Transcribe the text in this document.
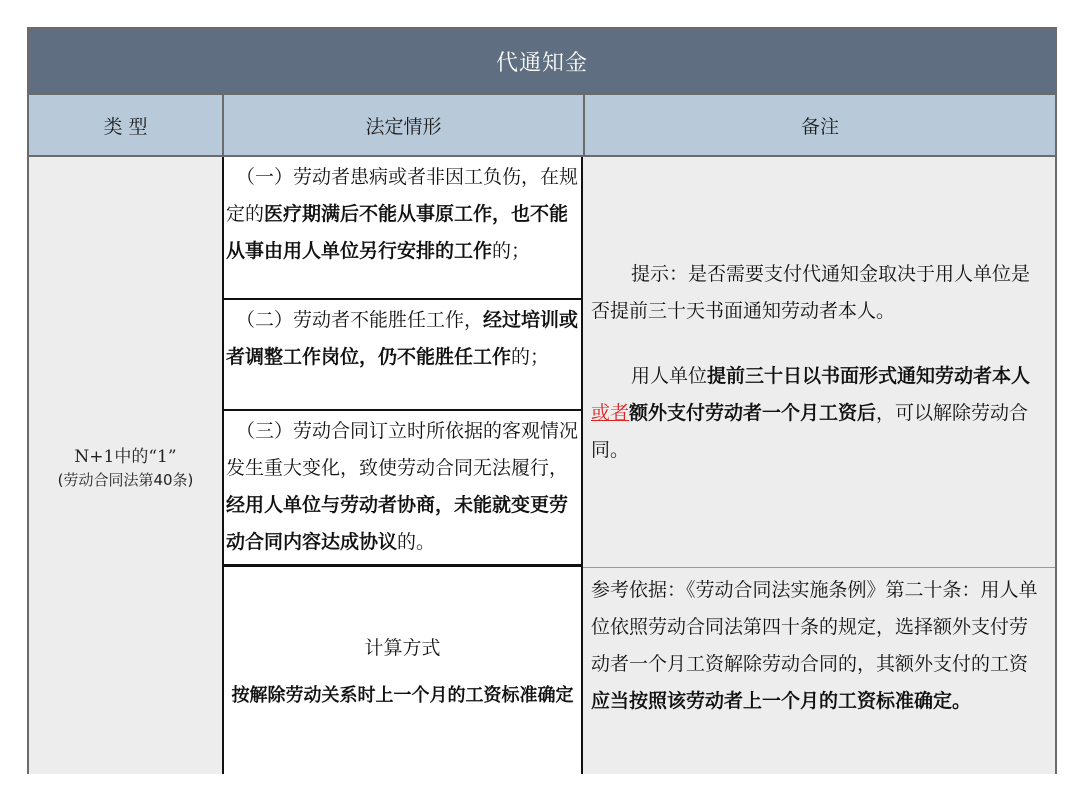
代通知金
类 型	法定情形	备注
N+1中的“1”
(劳动合同法第40条)
（一）劳动者患病或者非因工负伤，在规定的医疗期满后不能从事原工作，也不能从事由用人单位另行安排的工作的；
（二）劳动者不能胜任工作，经过培训或者调整工作岗位，仍不能胜任工作的；
（三）劳动合同订立时所依据的客观情况发生重大变化，致使劳动合同无法履行，经用人单位与劳动者协商，未能就变更劳动合同内容达成协议的。
计算方式
按解除劳动关系时上一个月的工资标准确定

提示：是否需要支付代通知金取决于用人单位是否提前三十天书面通知劳动者本人。

用人单位提前三十日以书面形式通知劳动者本人或者额外支付劳动者一个月工资后，可以解除劳动合同。

参考依据：《劳动合同法实施条例》第二十条：用人单位依照劳动合同法第四十条的规定，选择额外支付劳动者一个月工资解除劳动合同的，其额外支付的工资应当按照该劳动者上一个月的工资标准确定。
